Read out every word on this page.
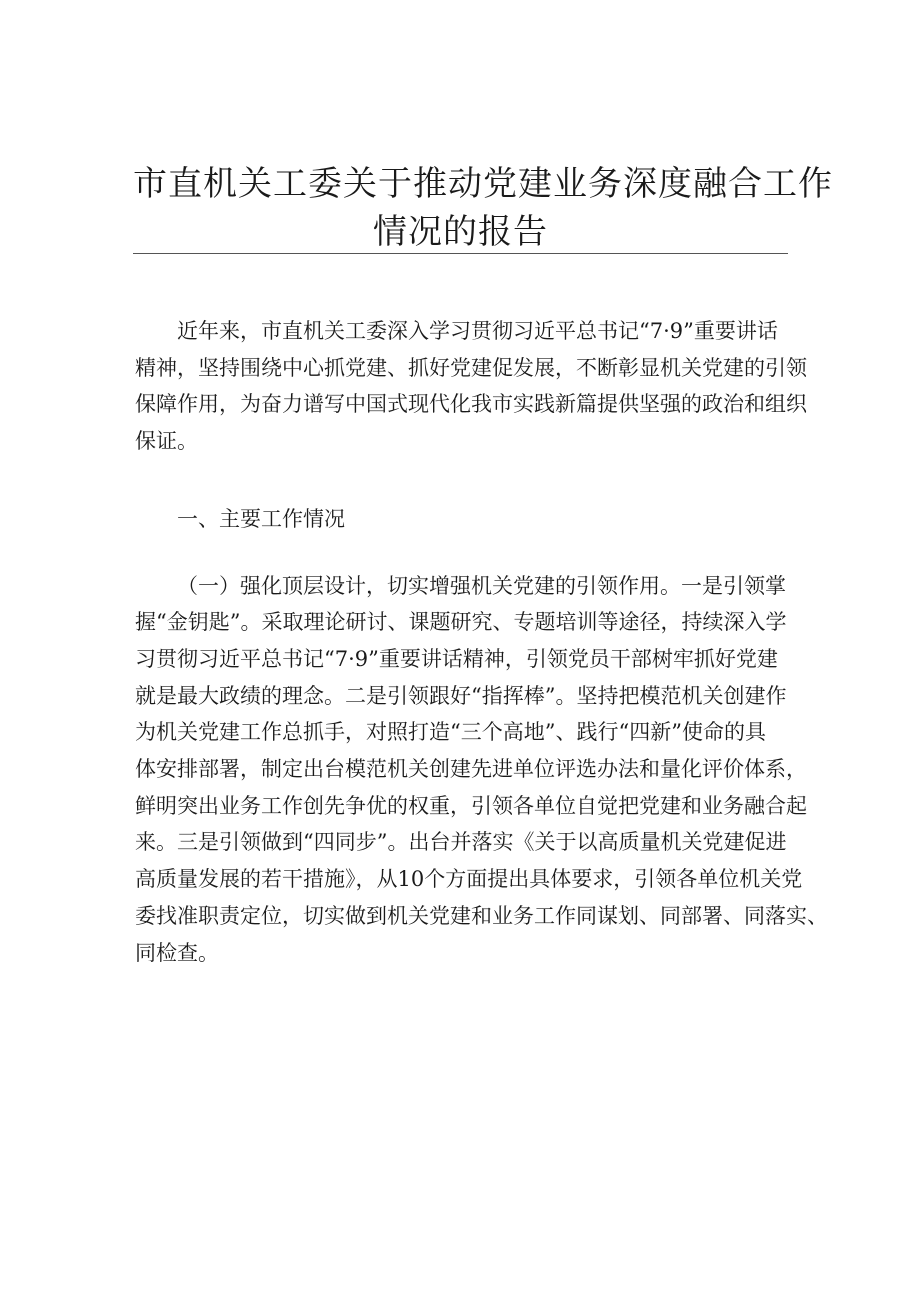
市直机关工委关于推动党建业务深度融合工作
情况的报告
近年来，市直机关工委深入学习贯彻习近平总书记“7·9”重要讲话
精神，坚持围绕中心抓党建、抓好党建促发展，不断彰显机关党建的引领
保障作用，为奋力谱写中国式现代化我市实践新篇提供坚强的政治和组织
保证。
一、主要工作情况
（一）强化顶层设计，切实增强机关党建的引领作用。一是引领掌
握“金钥匙”。采取理论研讨、课题研究、专题培训等途径，持续深入学
习贯彻习近平总书记“7·9”重要讲话精神，引领党员干部树牢抓好党建
就是最大政绩的理念。二是引领跟好“指挥棒”。坚持把模范机关创建作
为机关党建工作总抓手，对照打造“三个高地”、践行“四新”使命的具
体安排部署，制定出台模范机关创建先进单位评选办法和量化评价体系，
鲜明突出业务工作创先争优的权重，引领各单位自觉把党建和业务融合起
来。三是引领做到“四同步”。出台并落实《关于以高质量机关党建促进
高质量发展的若干措施》，从10个方面提出具体要求，引领各单位机关党
委找准职责定位，切实做到机关党建和业务工作同谋划、同部署、同落实、
同检查。
